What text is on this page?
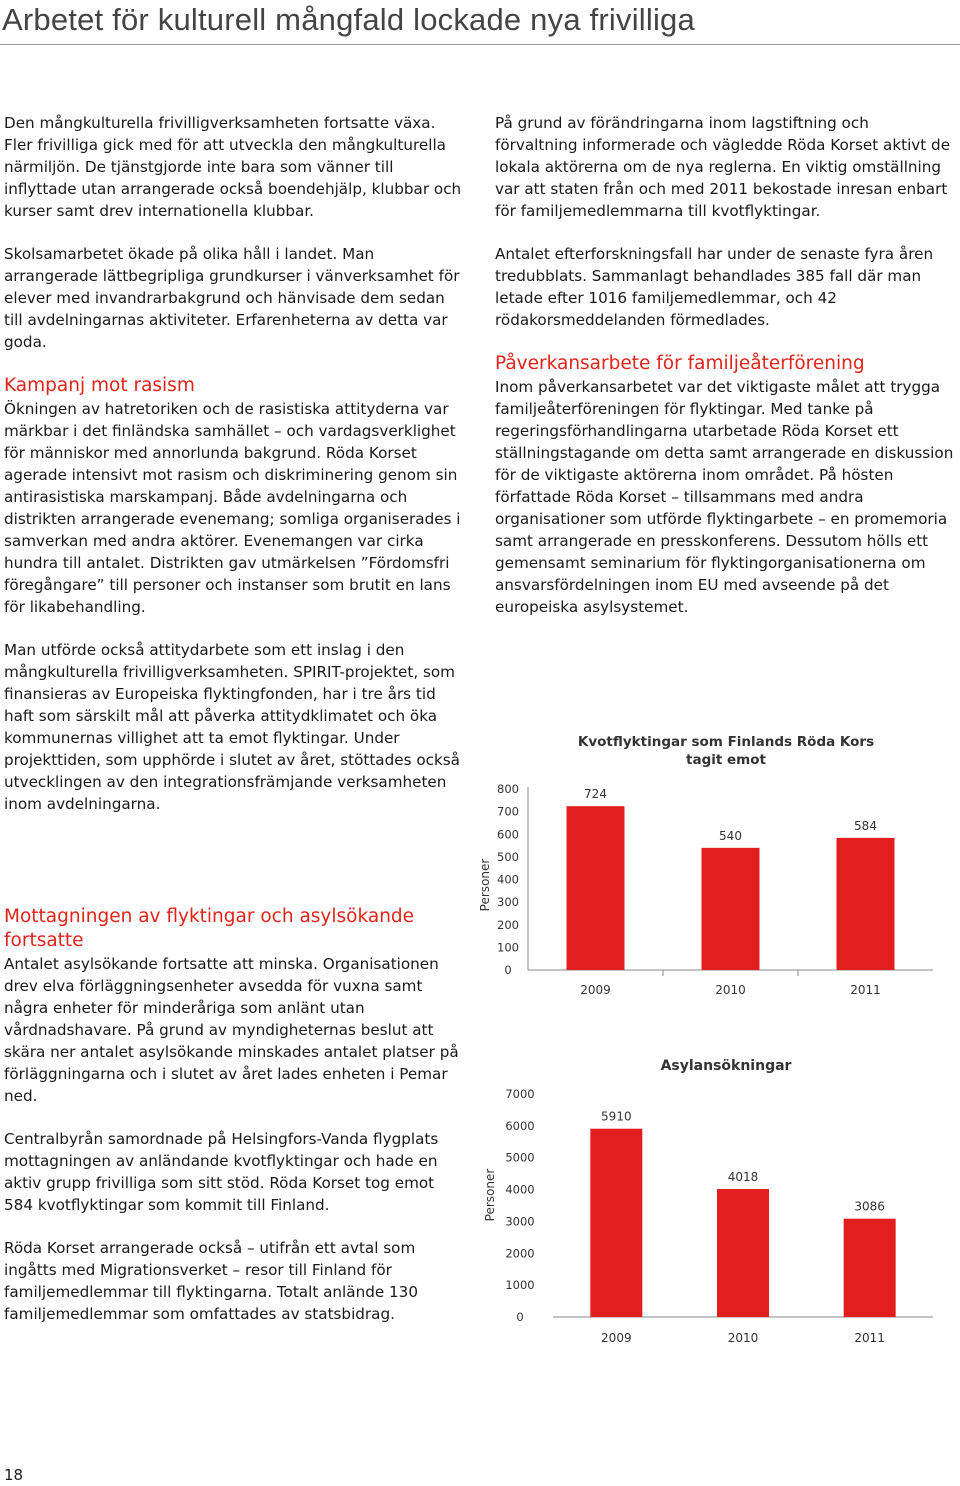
Arbetet för kulturell mångfald lockade nya frivilliga

Den mångkulturella frivilligverksamheten fortsatte växa. Fler frivilliga gick med för att utveckla den mångkulturella närmiljön. De tjänstgjorde inte bara som vänner till inflyttade utan arrangerade också boendehjälp, klubbar och kurser samt drev internationella klubbar.

Skolsamarbetet ökade på olika håll i landet. Man arrangerade lättbegripliga grundkurser i vänverksamhet för elever med invandrarbakgrund och hänvisade dem sedan till avdelningarnas aktiviteter. Erfarenheterna av detta var goda.

Kampanj mot rasism

Ökningen av hatretoriken och de rasistiska attityderna var märkbar i det finländska samhället – och vardagsverklighet för människor med annorlunda bakgrund. Röda Korset agerade intensivt mot rasism och diskriminering genom sin antirasistiska marskampanj. Både avdelningarna och distrikten arrangerade evenemang; somliga organiserades i samverkan med andra aktörer. Evenemangen var cirka hundra till antalet. Distrikten gav utmärkelsen ”Fördomsfri föregångare” till personer och instanser som brutit en lans för likabehandling.

Man utförde också attitydarbete som ett inslag i den mångkulturella frivilligverksamheten. SPIRIT-projektet, som finansieras av Europeiska flyktingfonden, har i tre års tid haft som särskilt mål att påverka attitydklimatet och öka kommunernas villighet att ta emot flyktingar. Under projekttiden, som upphörde i slutet av året, stöttades också utvecklingen av den integrationsfrämjande verksamheten inom avdelningarna.

Mottagningen av flyktingar och asylsökande fortsatte

Antalet asylsökande fortsatte att minska. Organisationen drev elva förläggningsenheter avsedda för vuxna samt några enheter för minderåriga som anlänt utan vårdnadshavare. På grund av myndigheternas beslut att skära ner antalet asylsökande minskades antalet platser på förläggningarna och i slutet av året lades enheten i Pemar ned.

Centralbyrån samordnade på Helsingfors-Vanda flygplats mottagningen av anländande kvotflyktingar och hade en aktiv grupp frivilliga som sitt stöd. Röda Korset tog emot 584 kvotflyktingar som kommit till Finland.

Röda Korset arrangerade också – utifrån ett avtal som ingåtts med Migrationsverket – resor till Finland för familjemedlemmar till flyktingarna. Totalt anlände 130 familjemedlemmar som omfattades av statsbidrag.

På grund av förändringarna inom lagstiftning och förvaltning informerade och vägledde Röda Korset aktivt de lokala aktörerna om de nya reglerna. En viktig omställning var att staten från och med 2011 bekostade inresan enbart för familjemedlemmarna till kvotflyktingar.

Antalet efterforskningsfall har under de senaste fyra åren tredubblats. Sammanlagt behandlades 385 fall där man letade efter 1016 familjemedlemmar, och 42 rödakorsmeddelanden förmedlades.

Påverkansarbete för familjeåterförening

Inom påverkansarbetet var det viktigaste målet att trygga familjeåterföreningen för flyktingar. Med tanke på regeringsförhandlingarna utarbetade Röda Korset ett ställningstagande om detta samt arrangerade en diskussion för de viktigaste aktörerna inom området. På hösten författade Röda Korset – tillsammans med andra organisationer som utförde flyktingarbete – en promemoria samt arrangerade en presskonferens. Dessutom hölls ett gemensamt seminarium för flyktingorganisationerna om ansvarsfördelningen inom EU med avseende på det europeiska asylsystemet.

Kvotflyktingar som Finlands Röda Kors
tagit emot
Personer
0
100
200
300
400
500
600
700
800	724
2009
540
2010
584
2011
Asylansökningar
Personer
0
1000
2000
3000
4000
5000
6000
7000
5910
2009
4018
2010
3086
2011
18
